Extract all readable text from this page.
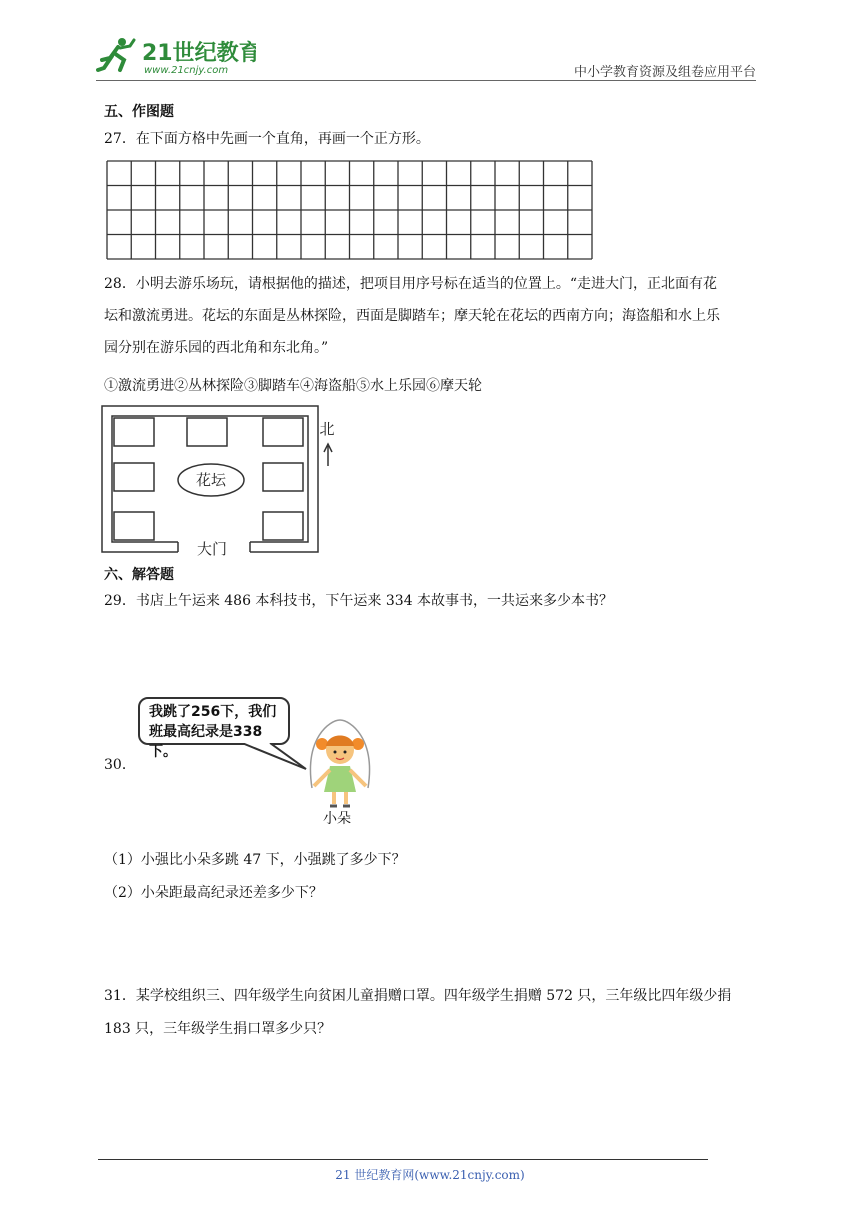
21世纪教育
www.21cnjy.com	中小学教育资源及组卷应用平台
五、作图题
27．在下面方格中先画一个直角，再画一个正方形。
28．小明去游乐场玩，请根据他的描述，把项目用序号标在适当的位置上。“走进大门，正北面有花
坛和激流勇进。花坛的东面是丛林探险，西面是脚踏车；摩天轮在花坛的西南方向；海盗船和水上乐
园分别在游乐园的西北角和东北角。”
①激流勇进②丛林探险③脚踏车④海盗船⑤水上乐园⑥摩天轮
花坛
大门
北
六、解答题
29．书店上午运来 486 本科技书，下午运来 334 本故事书，一共运来多少本书？
30．
我跳了256下，我们
班最高纪录是338下。
小朵
（1）小强比小朵多跳 47 下，小强跳了多少下？
（2）小朵距最高纪录还差多少下？
31．某学校组织三、四年级学生向贫困儿童捐赠口罩。四年级学生捐赠 572 只，三年级比四年级少捐
183 只，三年级学生捐口罩多少只？
21 世纪教育网(www.21cnjy.com)
